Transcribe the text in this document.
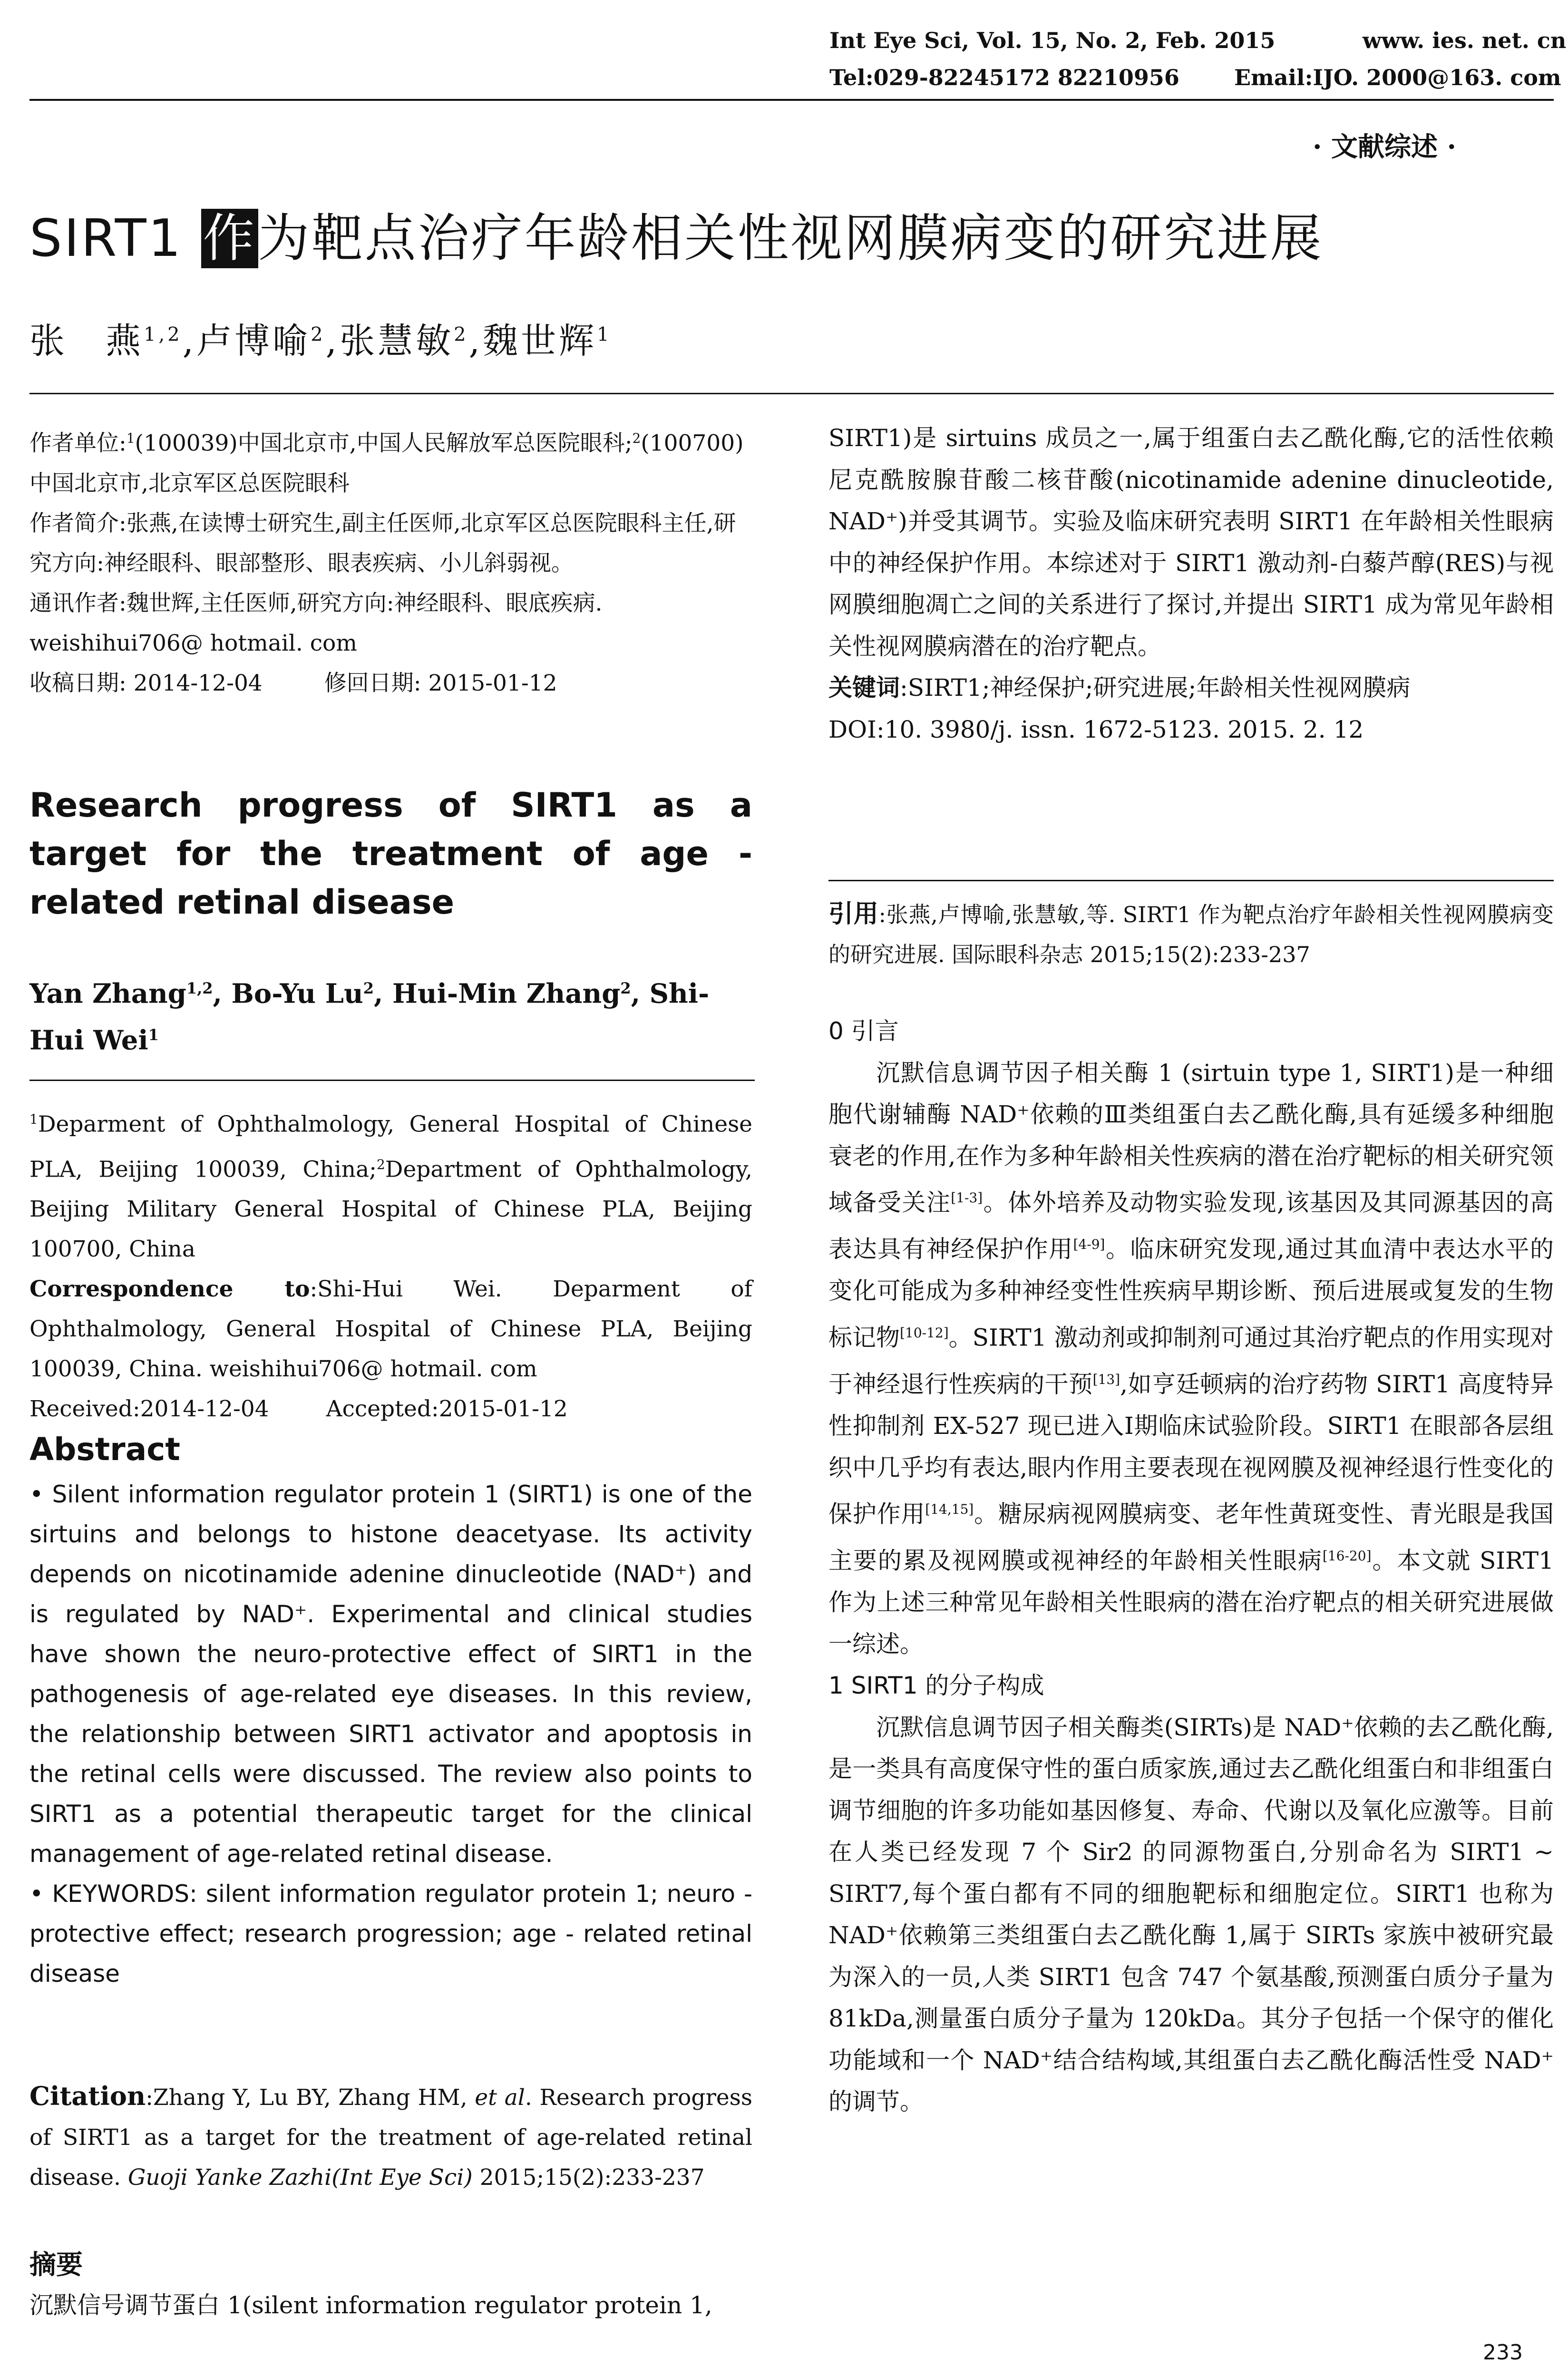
Int Eye Sci, Vol. 15, No. 2, Feb. 2015	www. ies. net. cn
Tel:029-82245172 82210956	Email:IJO. 2000@163. com
· 文献综述 ·
SIRT1 作为靶点治疗年龄相关性视网膜病变的研究进展
张　燕$^{1,2}$,卢博喻$^2$,张慧敏$^2$,魏世辉$^1$

作者单位:$^1$(100039)中国北京市,中国人民解放军总医院眼科;$^2$(100700)中国北京市,北京军区总医院眼科

作者简介:张燕,在读博士研究生,副主任医师,北京军区总医院眼科主任,研究方向:神经眼科、眼部整形、眼表疾病、小儿斜弱视。

通讯作者:魏世辉,主任医师,研究方向:神经眼科、眼底疾病. weishihui706@ hotmail. com

收稿日期: 2014-12-04	修回日期: 2015-01-12

Research progress of SIRT1 as a target for the treatment of age - related retinal disease
Yan Zhang$^{1,2}$, Bo-Yu Lu$^2$, Hui-Min Zhang$^2$, Shi-Hui Wei$^1$

$^1$Deparment of Ophthalmology, General Hospital of Chinese PLA, Beijing 100039, China;$^2$Department of Ophthalmology, Beijing Military General Hospital of Chinese PLA, Beijing 100700, China

Correspondence to:Shi-Hui Wei. Deparment of Ophthalmology, General Hospital of Chinese PLA, Beijing 100039, China. weishihui706@ hotmail. com

Received:2014-12-04	Accepted:2015-01-12

Abstract

• Silent information regulator protein 1 (SIRT1) is one of the sirtuins and belongs to histone deacetyase. Its activity depends on nicotinamide adenine dinucleotide (NAD⁺) and is regulated by NAD⁺. Experimental and clinical studies have shown the neuro-protective effect of SIRT1 in the pathogenesis of age-related eye diseases. In this review, the relationship between SIRT1 activator and apoptosis in the retinal cells were discussed. The review also points to SIRT1 as a potential therapeutic target for the clinical management of age-related retinal disease.

• KEYWORDS: silent information regulator protein 1; neuro - protective effect; research progression; age - related retinal disease

Citation:Zhang Y, Lu BY, Zhang HM, et al. Research progress of SIRT1 as a target for the treatment of age-related retinal disease. Guoji Yanke Zazhi(Int Eye Sci) 2015;15(2):233-237

摘要

沉默信号调节蛋白 1(silent information regulator protein 1,

SIRT1)是 sirtuins 成员之一,属于组蛋白去乙酰化酶,它的活性依赖尼克酰胺腺苷酸二核苷酸(nicotinamide adenine dinucleotide, NAD⁺)并受其调节。实验及临床研究表明 SIRT1 在年龄相关性眼病中的神经保护作用。本综述对于 SIRT1 激动剂-白藜芦醇(RES)与视网膜细胞凋亡之间的关系进行了探讨,并提出 SIRT1 成为常见年龄相关性视网膜病潜在的治疗靶点。

关键词:SIRT1;神经保护;研究进展;年龄相关性视网膜病

DOI:10. 3980/j. issn. 1672-5123. 2015. 2. 12

引用:张燕,卢博喻,张慧敏,等. SIRT1 作为靶点治疗年龄相关性视网膜病变的研究进展. 国际眼科杂志 2015;15(2):233-237

0 引言

沉默信息调节因子相关酶 1 (sirtuin type 1, SIRT1)是一种细胞代谢辅酶 NAD⁺依赖的Ⅲ类组蛋白去乙酰化酶,具有延缓多种细胞衰老的作用,在作为多种年龄相关性疾病的潜在治疗靶标的相关研究领域备受关注[1-3]。体外培养及动物实验发现,该基因及其同源基因的高表达具有神经保护作用[4-9]。临床研究发现,通过其血清中表达水平的变化可能成为多种神经变性性疾病早期诊断、预后进展或复发的生物标记物[10-12]。SIRT1 激动剂或抑制剂可通过其治疗靶点的作用实现对于神经退行性疾病的干预[13],如亨廷顿病的治疗药物 SIRT1 高度特异性抑制剂 EX-527 现已进入Ⅰ期临床试验阶段。SIRT1 在眼部各层组织中几乎均有表达,眼内作用主要表现在视网膜及视神经退行性变化的保护作用[14,15]。糖尿病视网膜病变、老年性黄斑变性、青光眼是我国主要的累及视网膜或视神经的年龄相关性眼病[16-20]。本文就 SIRT1 作为上述三种常见年龄相关性眼病的潜在治疗靶点的相关研究进展做一综述。

1 SIRT1 的分子构成

沉默信息调节因子相关酶类(SIRTs)是 NAD⁺依赖的去乙酰化酶,是一类具有高度保守性的蛋白质家族,通过去乙酰化组蛋白和非组蛋白调节细胞的许多功能如基因修复、寿命、代谢以及氧化应激等。目前在人类已经发现 7 个 Sir2 的同源物蛋白,分别命名为 SIRT1 ~ SIRT7,每个蛋白都有不同的细胞靶标和细胞定位。SIRT1 也称为 NAD⁺依赖第三类组蛋白去乙酰化酶 1,属于 SIRTs 家族中被研究最为深入的一员,人类 SIRT1 包含 747 个氨基酸,预测蛋白质分子量为 81kDa,测量蛋白质分子量为 120kDa。其分子包括一个保守的催化功能域和一个 NAD⁺结合结构域,其组蛋白去乙酰化酶活性受 NAD⁺的调节。

233
